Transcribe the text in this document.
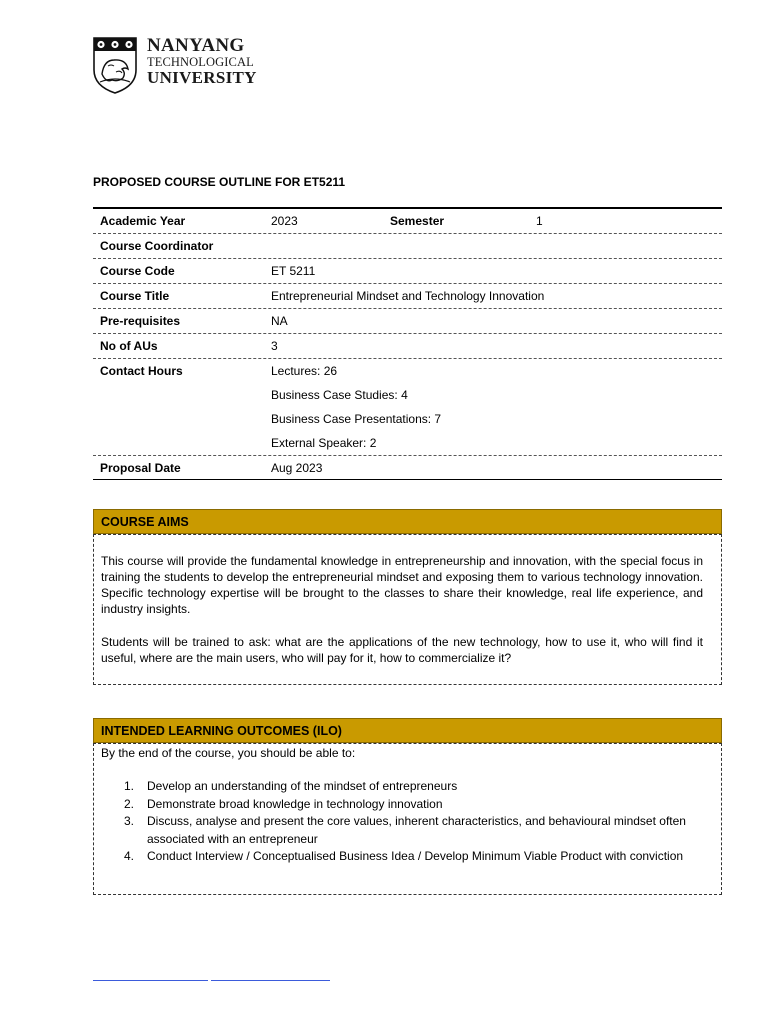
NANYANG
TECHNOLOGICAL
UNIVERSITY
PROPOSED COURSE OUTLINE FOR ET5211
Academic Year	2023	Semester	1
Course Coordinator
Course Code	ET 5211
Course Title	Entrepreneurial Mindset and Technology Innovation
Pre-requisites	NA
No of AUs	3
Contact Hours	Lectures: 26
Business Case Studies: 4
Business Case Presentations: 7
External Speaker: 2
Proposal Date	Aug 2023
COURSE AIMS
This course will provide the fundamental knowledge in entrepreneurship and innovation, with the special focus in training the students to develop the entrepreneurial mindset and exposing them to various technology innovation. Specific technology expertise will be brought to the classes to share their knowledge, real life experience, and industry insights.
Students will be trained to ask: what are the applications of the new technology, how to use it, who will find it useful, where are the main users, who will pay for it, how to commercialize it?
INTENDED LEARNING OUTCOMES (ILO)
By the end of the course, you should be able to:
1. Develop an understanding of the mindset of entrepreneurs
2. Demonstrate broad knowledge in technology innovation
3. Discuss, analyse and present the core values, inherent characteristics, and behavioural mindset often associated with an entrepreneur
4. Conduct Interview / Conceptualised Business Idea / Develop Minimum Viable Product with conviction
